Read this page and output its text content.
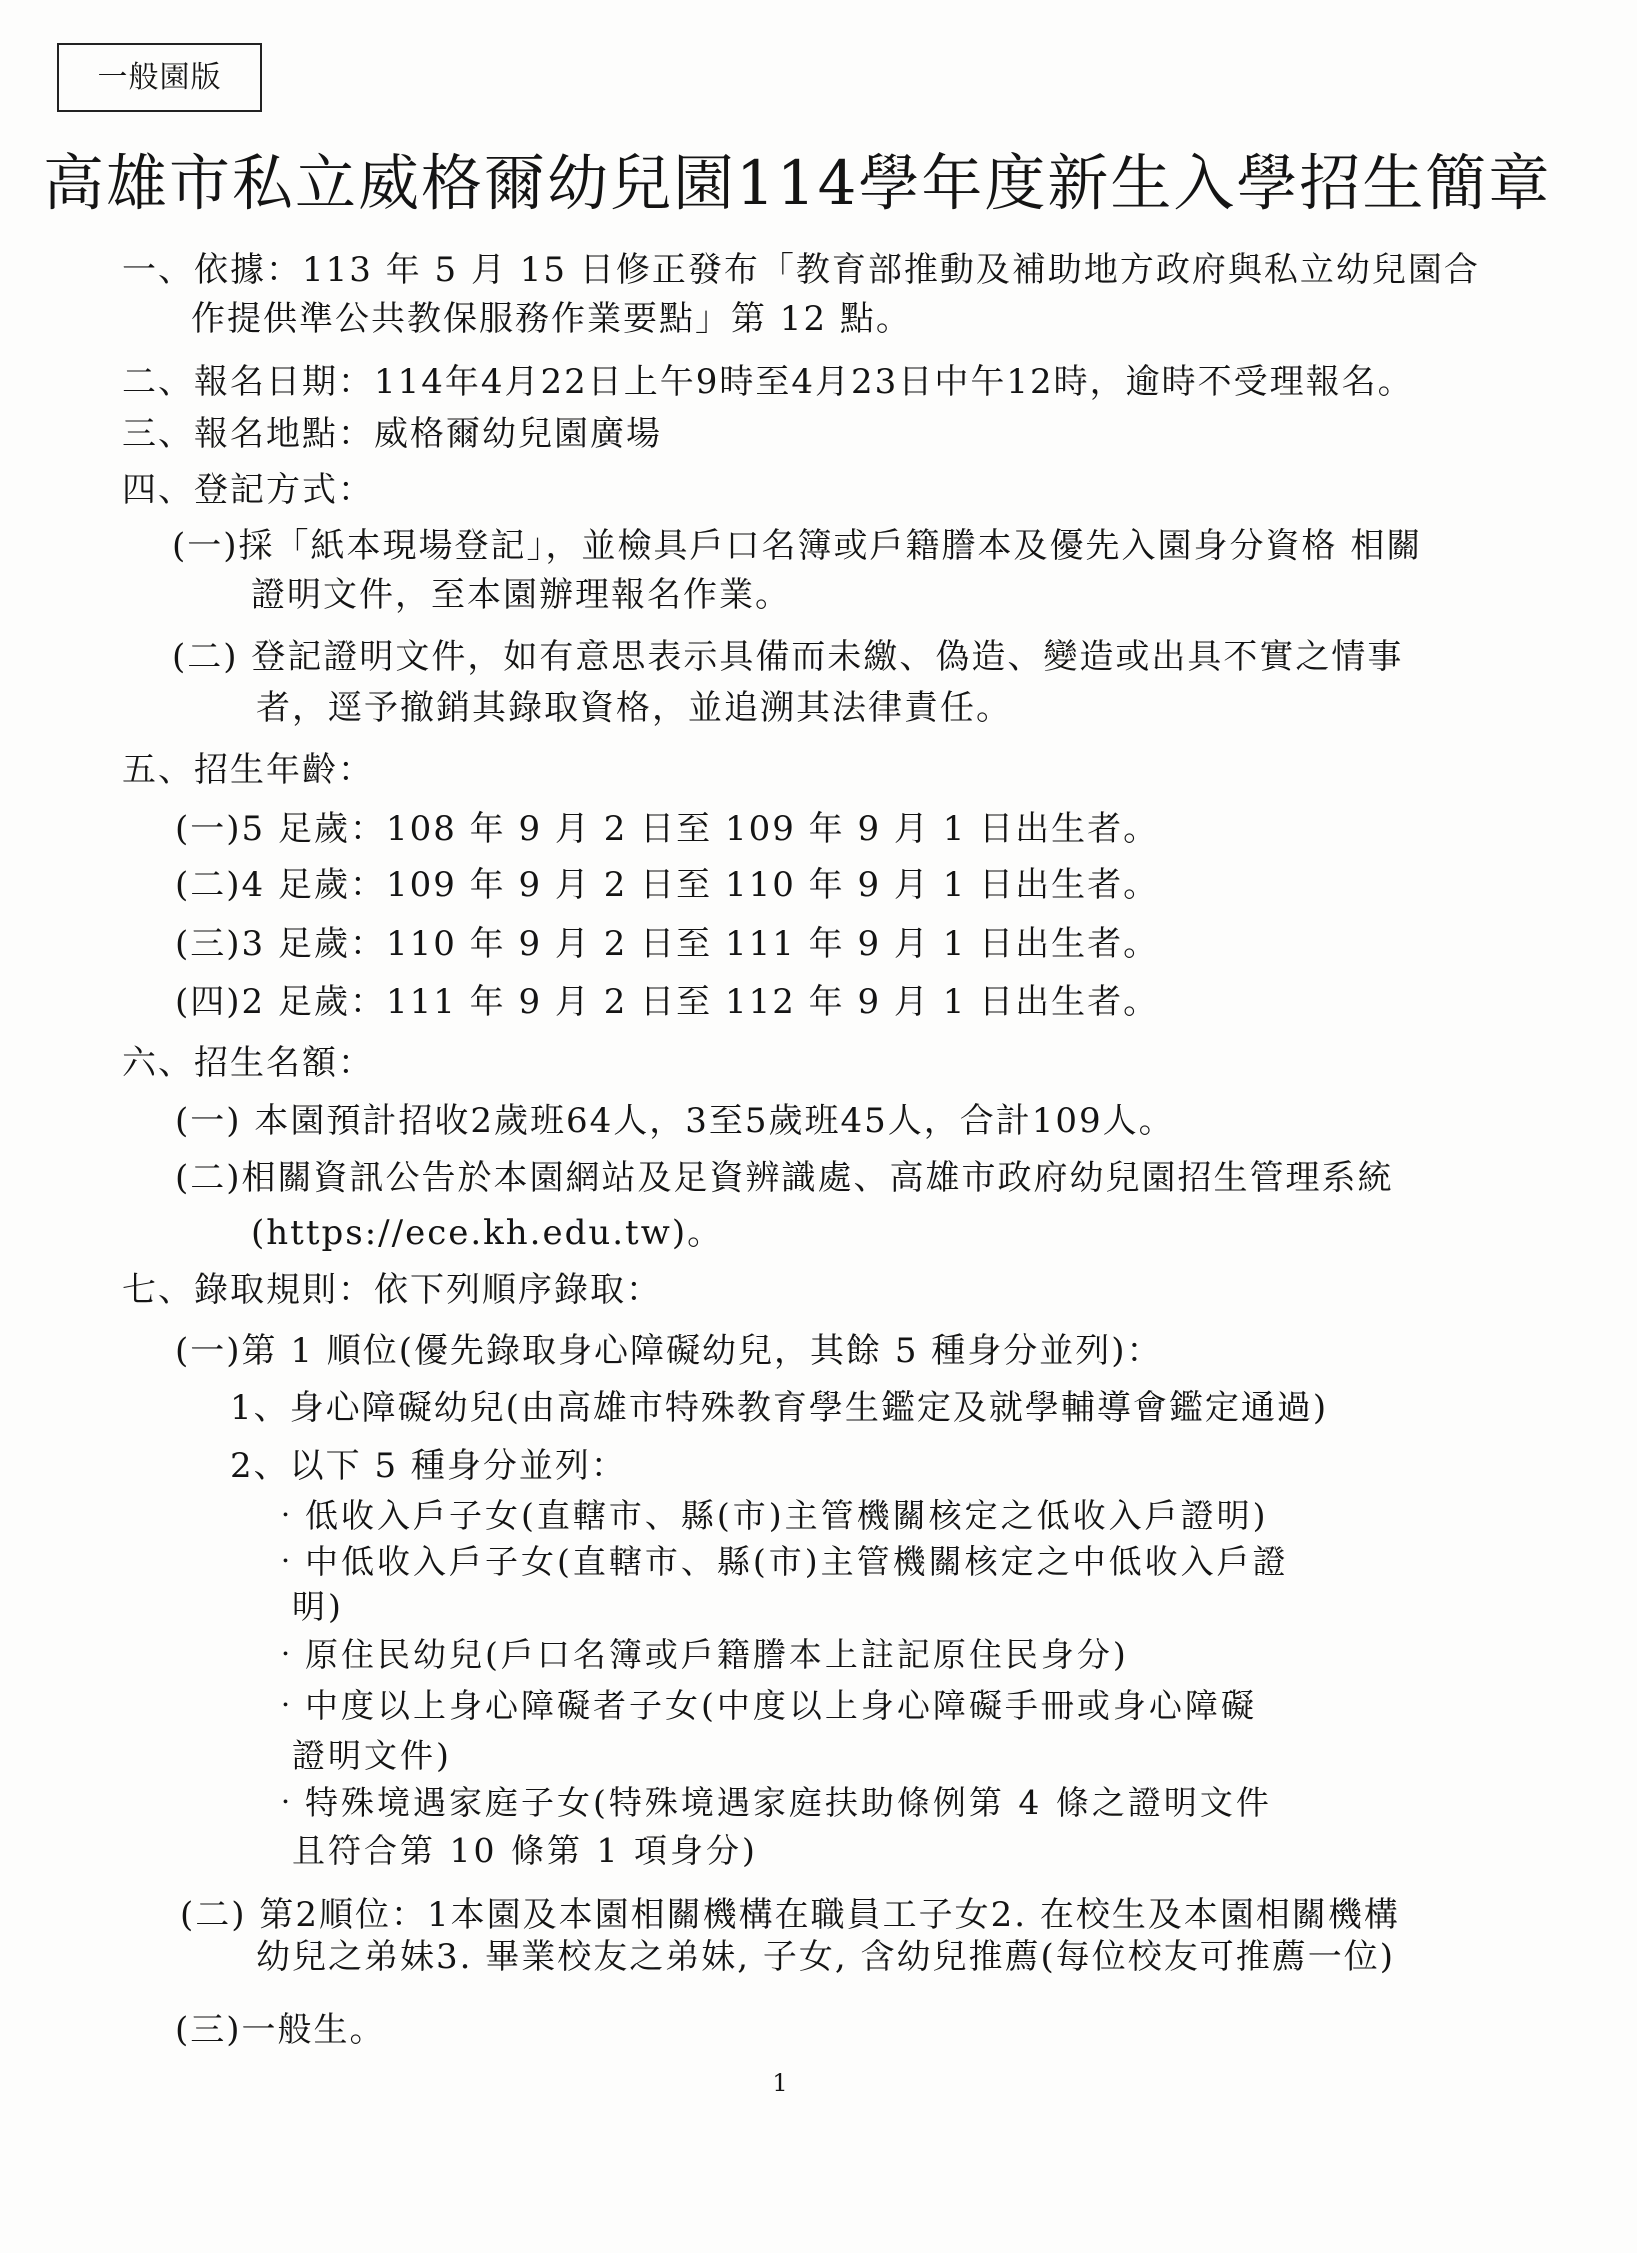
一般園版
高雄市私立威格爾幼兒園114學年度新生入學招生簡章
一、依據：113 年 5 月 15 日修正發布「教育部推動及補助地方政府與私立幼兒園合
作提供準公共教保服務作業要點」第 12 點。
二、報名日期：114年4月22日上午9時至4月23日中午12時，逾時不受理報名。
三、報名地點：威格爾幼兒園廣場
四、登記方式：
(一)採「紙本現場登記」，並檢具戶口名簿或戶籍謄本及優先入園身分資格 相關
證明文件，至本園辦理報名作業。
(二) 登記證明文件，如有意思表示具備而未繳、偽造、變造或出具不實之情事
者，逕予撤銷其錄取資格，並追溯其法律責任。
五、招生年齡：
(一)5 足歲：108 年 9 月 2 日至 109 年 9 月 1 日出生者。
(二)4 足歲：109 年 9 月 2 日至 110 年 9 月 1 日出生者。
(三)3 足歲：110 年 9 月 2 日至 111 年 9 月 1 日出生者。
(四)2 足歲：111 年 9 月 2 日至 112 年 9 月 1 日出生者。
六、招生名額：
(一) 本園預計招收2歲班64人，3至5歲班45人，合計109人。
(二)相關資訊公告於本園網站及足資辨識處、高雄市政府幼兒園招生管理系統
(https://ece.kh.edu.tw)。
七、錄取規則：依下列順序錄取：
(一)第 1 順位(優先錄取身心障礙幼兒，其餘 5 種身分並列)：
1、身心障礙幼兒(由高雄市特殊教育學生鑑定及就學輔導會鑑定通過)
2、以下 5 種身分並列：
‧低收入戶子女(直轄市、縣(市)主管機關核定之低收入戶證明)
‧中低收入戶子女(直轄市、縣(市)主管機關核定之中低收入戶證
明)
‧原住民幼兒(戶口名簿或戶籍謄本上註記原住民身分)
‧中度以上身心障礙者子女(中度以上身心障礙手冊或身心障礙
證明文件)
‧特殊境遇家庭子女(特殊境遇家庭扶助條例第 4 條之證明文件
且符合第 10 條第 1 項身分)
(二) 第2順位：1本園及本園相關機構在職員工子女2. 在校生及本園相關機構
幼兒之弟妹3. 畢業校友之弟妹, 子女, 含幼兒推薦(每位校友可推薦一位)
(三)一般生。
1
